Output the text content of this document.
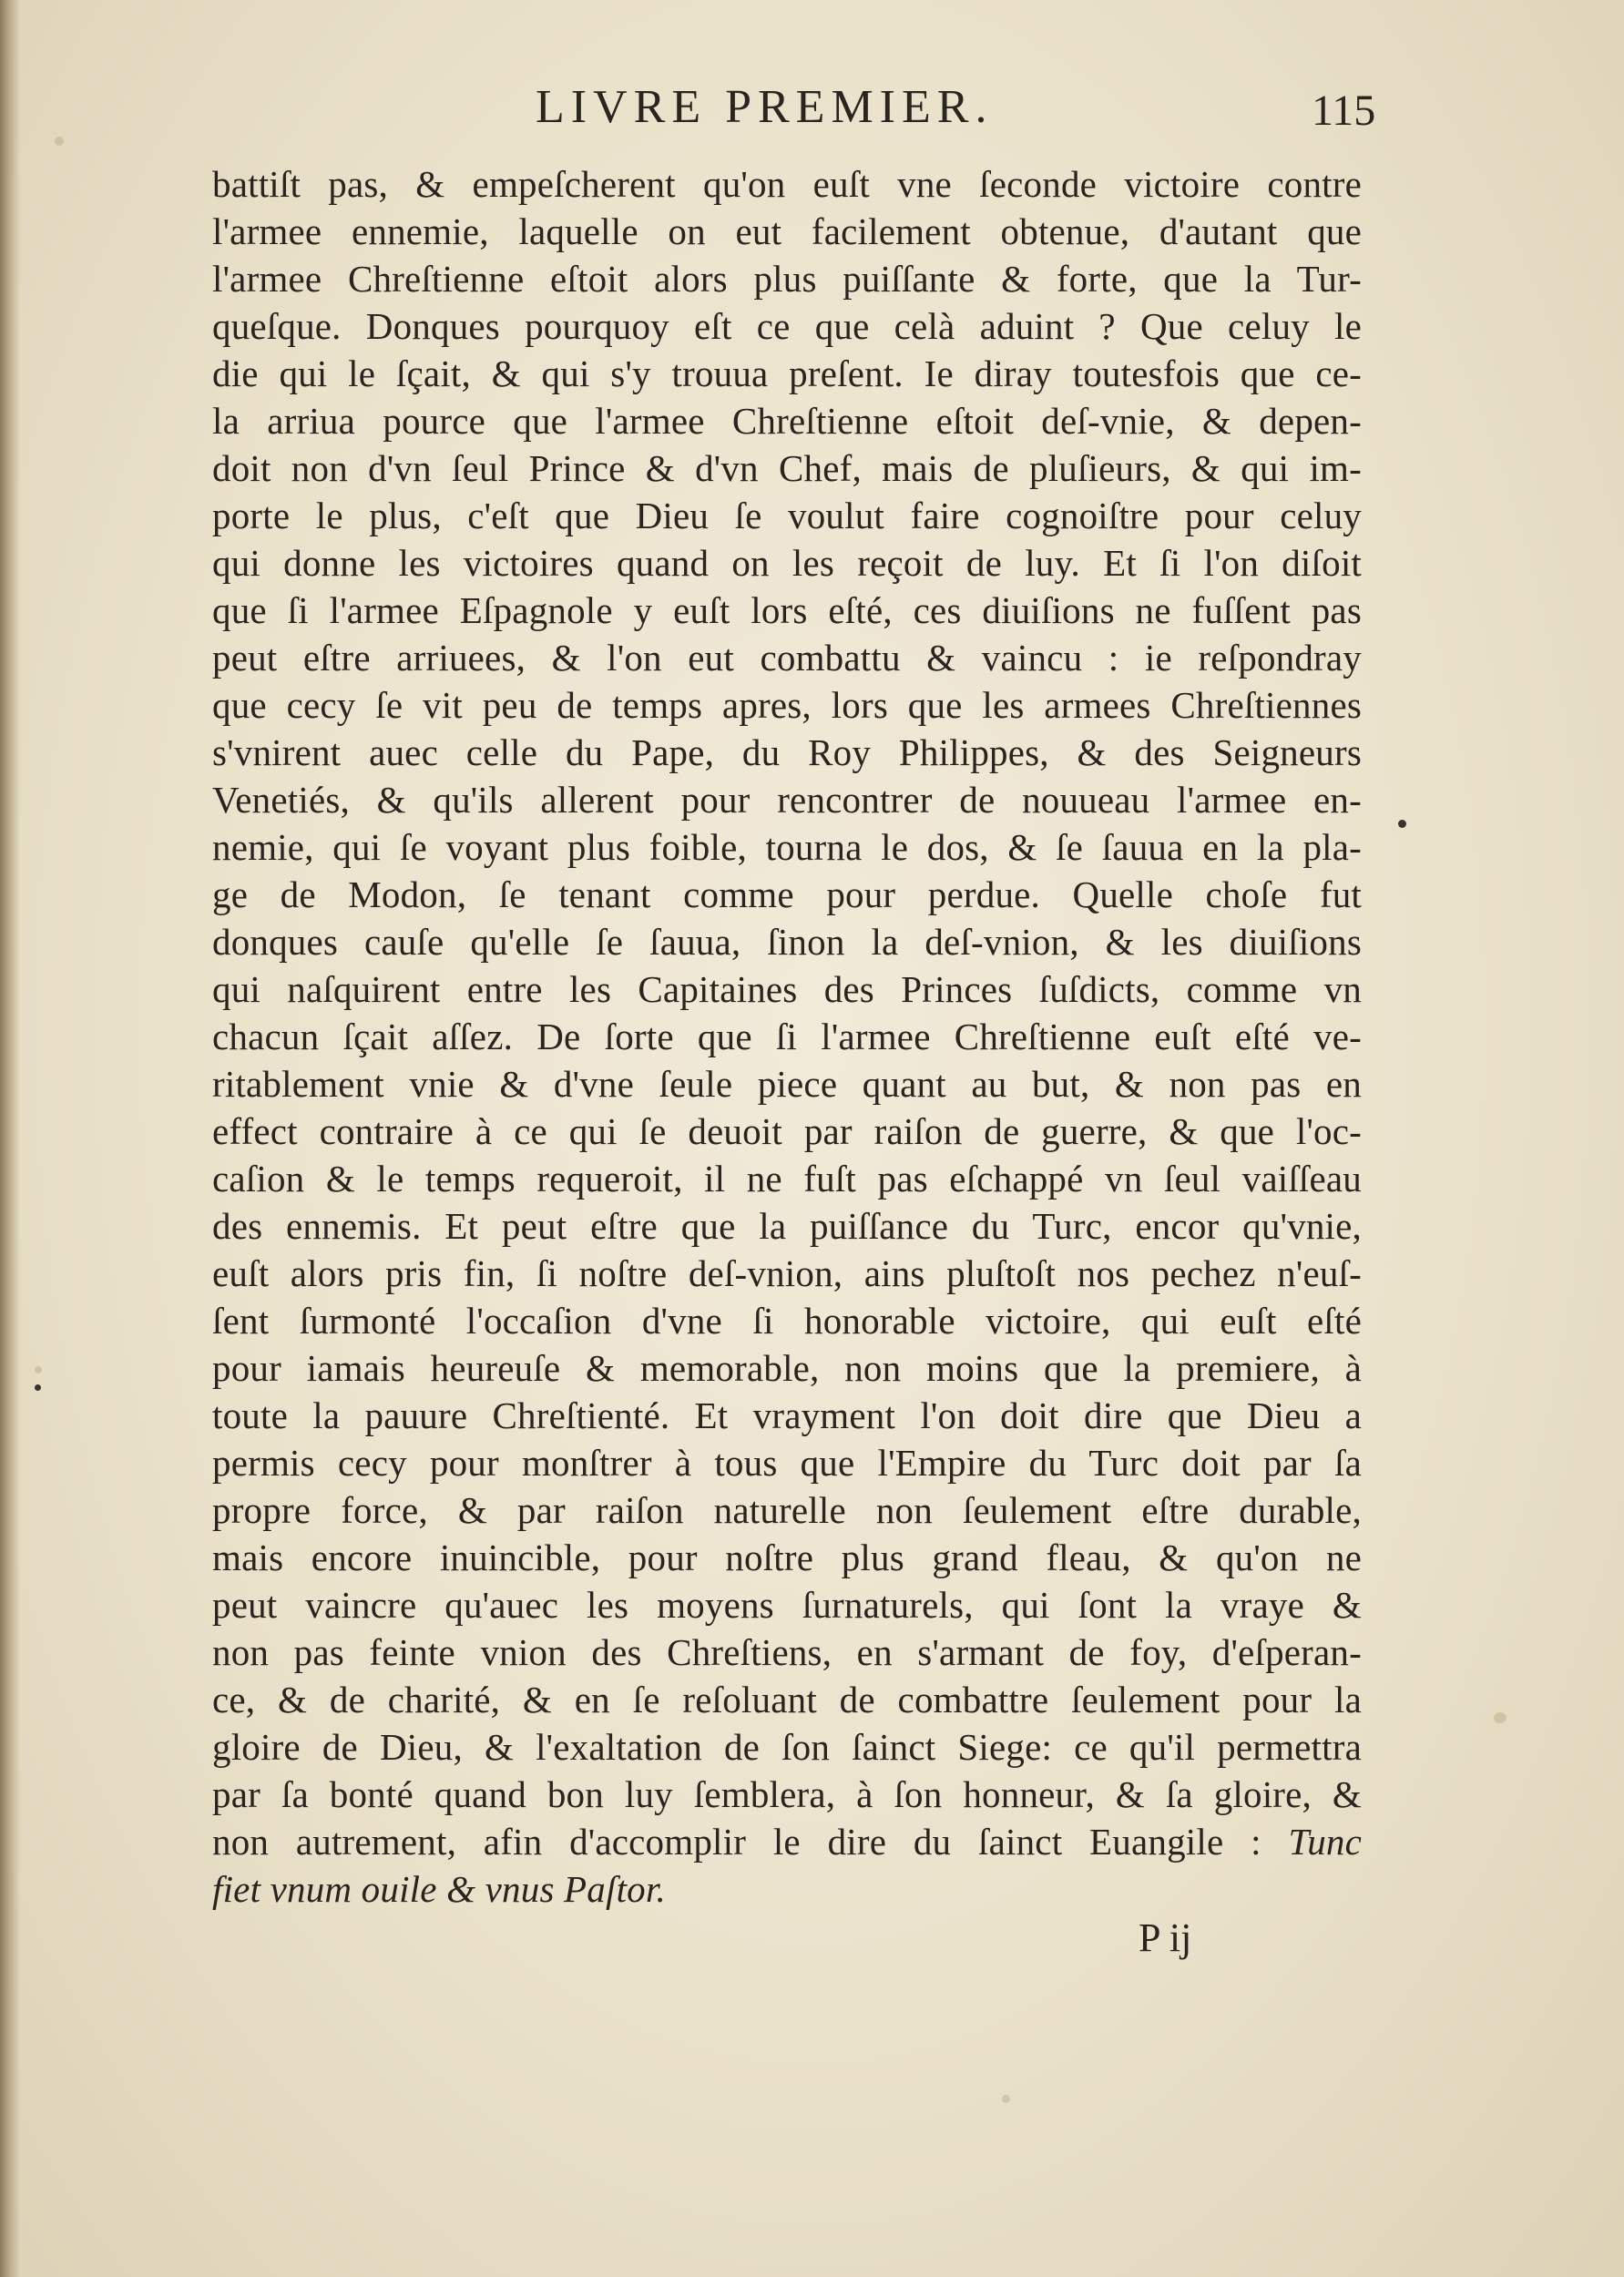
LIVRE PREMIER.	115
battiſt pas, & empeſcherent qu'on euſt vne ſeconde victoire contre
l'armee ennemie, laquelle on eut facilement obtenue, d'autant que
l'armee Chreſtienne eſtoit alors plus puiſſante & forte, que la Tur-
queſque. Donques pourquoy eſt ce que celà aduint ? Que celuy le
die qui le ſçait, & qui s'y trouua preſent. Ie diray toutesfois que ce-
la arriua pource que l'armee Chreſtienne eſtoit deſ-vnie, & depen-
doit non d'vn ſeul Prince & d'vn Chef, mais de pluſieurs, & qui im-
porte le plus, c'eſt que Dieu ſe voulut faire cognoiſtre pour celuy
qui donne les victoires quand on les reçoit de luy. Et ſi l'on diſoit
que ſi l'armee Eſpagnole y euſt lors eſté, ces diuiſions ne fuſſent pas
peut eſtre arriuees, & l'on eut combattu & vaincu : ie reſpondray
que cecy ſe vit peu de temps apres, lors que les armees Chreſtiennes
s'vnirent auec celle du Pape, du Roy Philippes, & des Seigneurs
Venetiés, & qu'ils allerent pour rencontrer de nouueau l'armee en-
nemie, qui ſe voyant plus foible, tourna le dos, & ſe ſauua en la pla-
ge de Modon, ſe tenant comme pour perdue. Quelle choſe fut
donques cauſe qu'elle ſe ſauua, ſinon la deſ-vnion, & les diuiſions
qui naſquirent entre les Capitaines des Princes ſuſdicts, comme vn
chacun ſçait aſſez. De ſorte que ſi l'armee Chreſtienne euſt eſté ve-
ritablement vnie & d'vne ſeule piece quant au but, & non pas en
effect contraire à ce qui ſe deuoit par raiſon de guerre, & que l'oc-
caſion & le temps requeroit, il ne fuſt pas eſchappé vn ſeul vaiſſeau
des ennemis. Et peut eſtre que la puiſſance du Turc, encor qu'vnie,
euſt alors pris fin, ſi noſtre deſ-vnion, ains pluſtoſt nos pechez n'euſ-
ſent ſurmonté l'occaſion d'vne ſi honorable victoire, qui euſt eſté
pour iamais heureuſe & memorable, non moins que la premiere, à
toute la pauure Chreſtienté. Et vrayment l'on doit dire que Dieu a
permis cecy pour monſtrer à tous que l'Empire du Turc doit par ſa
propre force, & par raiſon naturelle non ſeulement eſtre durable,
mais encore inuincible, pour noſtre plus grand fleau, & qu'on ne
peut vaincre qu'auec les moyens ſurnaturels, qui ſont la vraye &
non pas feinte vnion des Chreſtiens, en s'armant de foy, d'eſperan-
ce, & de charité, & en ſe reſoluant de combattre ſeulement pour la
gloire de Dieu, & l'exaltation de ſon ſainct Siege: ce qu'il permettra
par ſa bonté quand bon luy ſemblera, à ſon honneur, & ſa gloire, &
non autrement, afin d'accomplir le dire du ſainct Euangile : Tunc
fiet vnum ouile & vnus Paſtor.
P ij
